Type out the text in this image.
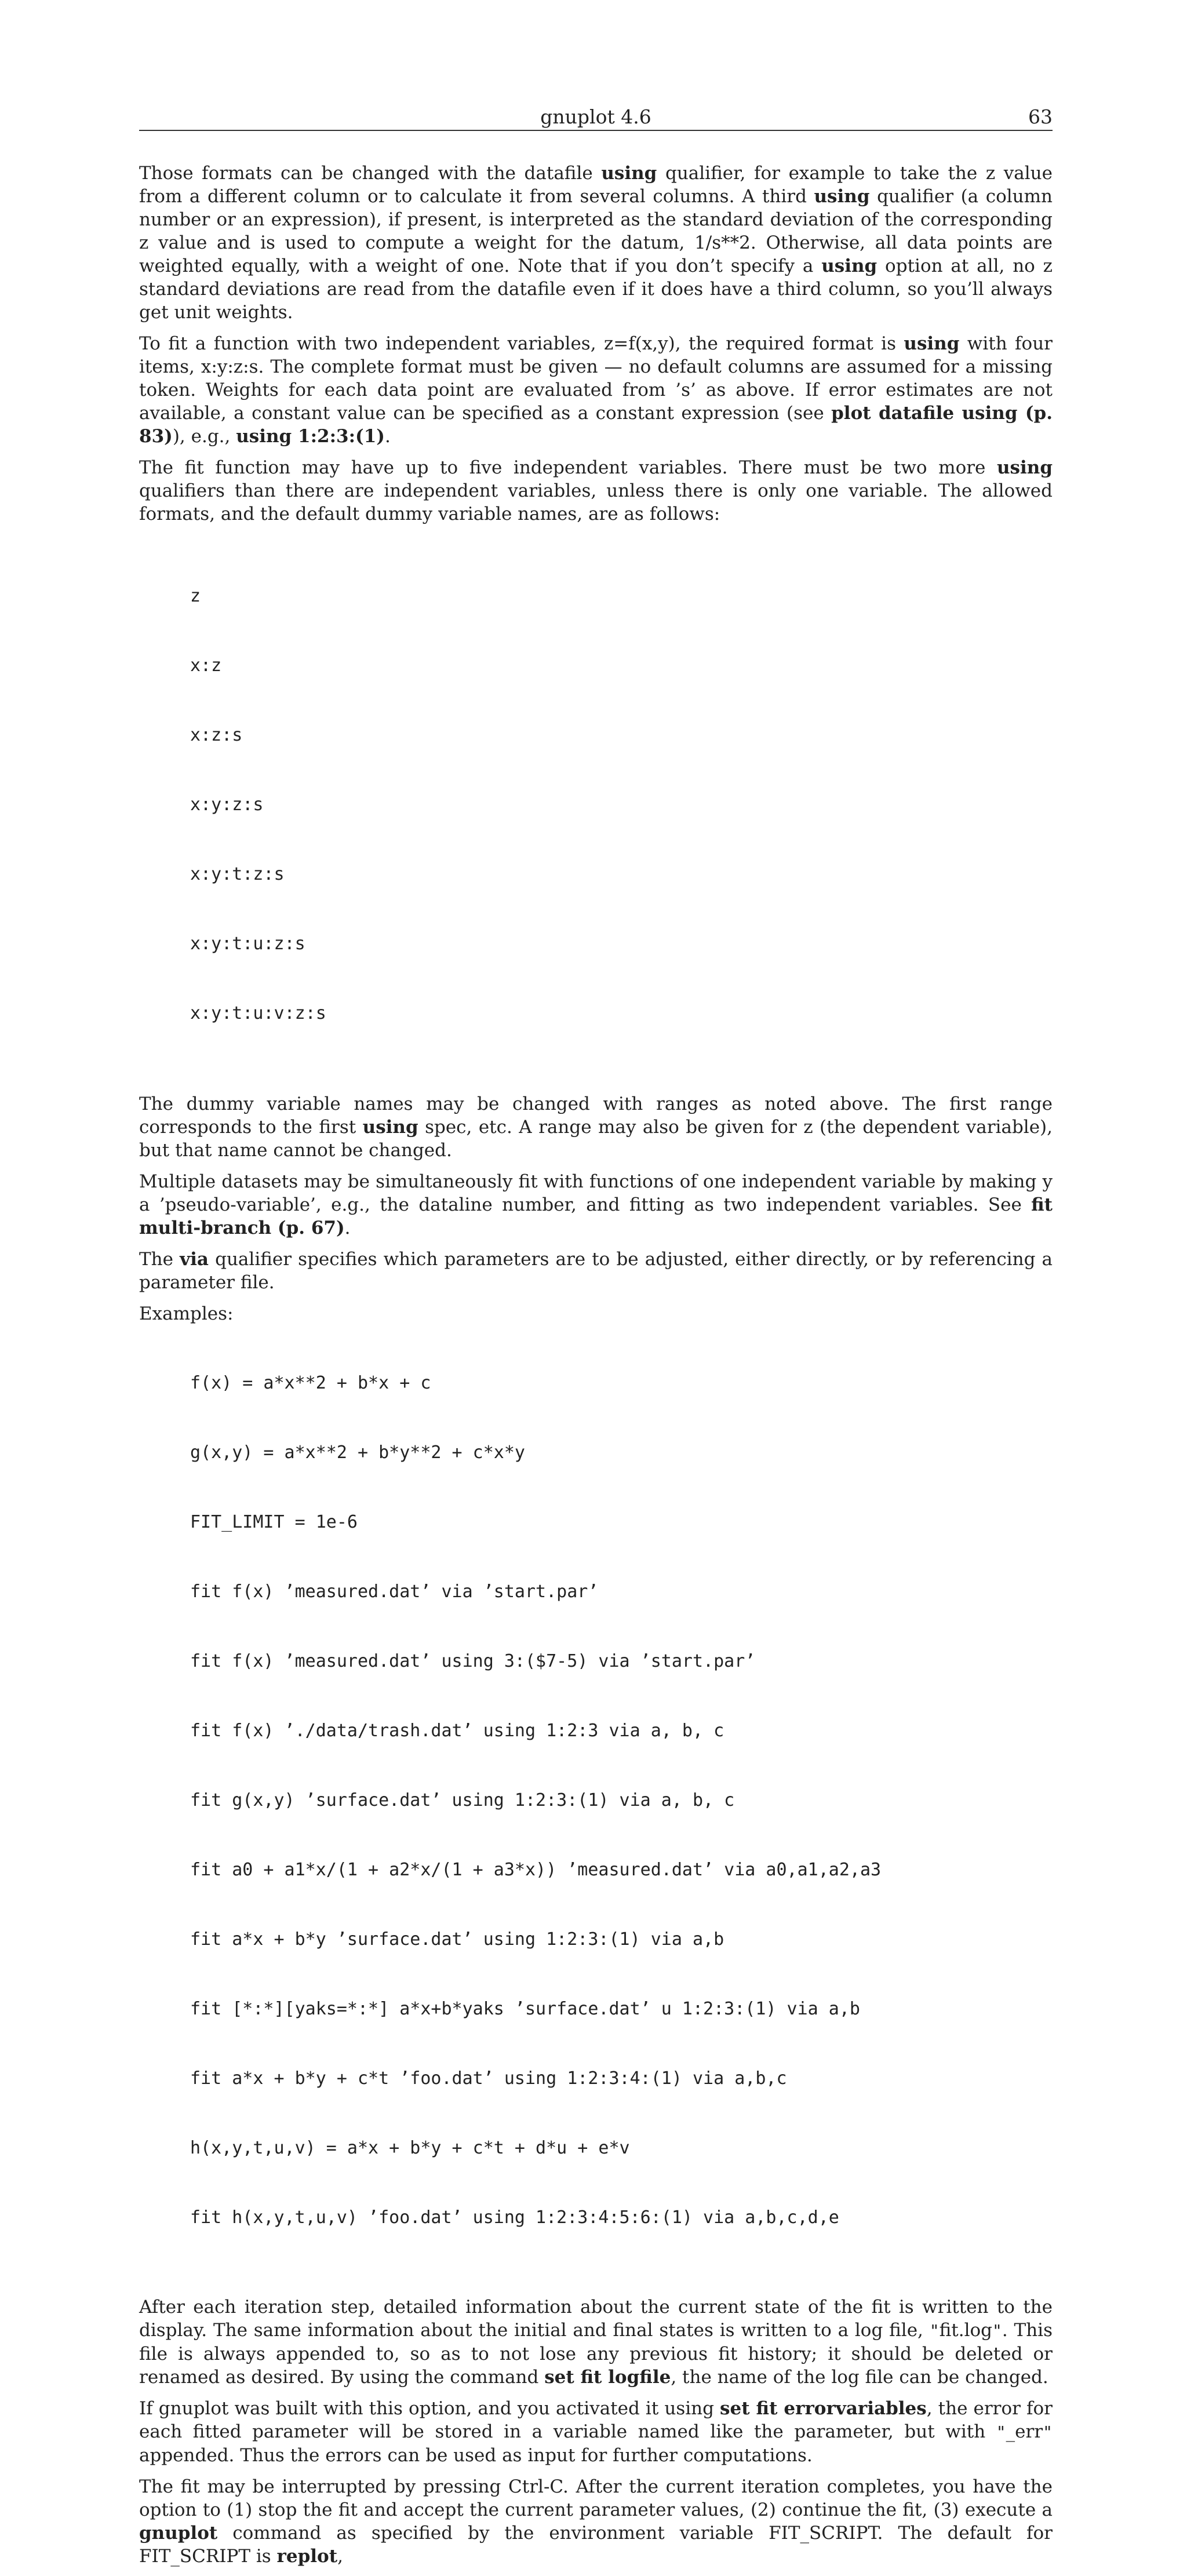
gnuplot 4.6	63

Those formats can be changed with the datafile using qualifier, for example to take the z value from a different column or to calculate it from several columns. A third using qualifier (a column number or an expression), if present, is interpreted as the standard deviation of the corresponding z value and is used to compute a weight for the datum, 1/s**2. Otherwise, all data points are weighted equally, with a weight of one. Note that if you don’t specify a using option at all, no z standard deviations are read from the datafile even if it does have a third column, so you’ll always get unit weights.

To fit a function with two independent variables, z=f(x,y), the required format is using with four items, x:y:z:s. The complete format must be given — no default columns are assumed for a missing token. Weights for each data point are evaluated from ’s’ as above. If error estimates are not available, a constant value can be specified as a constant expression (see plot datafile using (p. 83)), e.g., using 1:2:3:(1).

The fit function may have up to five independent variables. There must be two more using qualifiers than there are independent variables, unless there is only one variable. The allowed formats, and the default dummy variable names, are as follows:

z

x:z

x:z:s

x:y:z:s

x:y:t:z:s

x:y:t:u:z:s

x:y:t:u:v:z:s

The dummy variable names may be changed with ranges as noted above. The first range corresponds to the first using spec, etc. A range may also be given for z (the dependent variable), but that name cannot be changed.

Multiple datasets may be simultaneously fit with functions of one independent variable by making y a ’pseudo-variable’, e.g., the dataline number, and fitting as two independent variables. See fit multi-branch (p. 67).

The via qualifier specifies which parameters are to be adjusted, either directly, or by referencing a parameter file.

Examples:

f(x) = a*x**2 + b*x + c

g(x,y) = a*x**2 + b*y**2 + c*x*y

FIT_LIMIT = 1e-6

fit f(x) ’measured.dat’ via ’start.par’

fit f(x) ’measured.dat’ using 3:($7-5) via ’start.par’

fit f(x) ’./data/trash.dat’ using 1:2:3 via a, b, c

fit g(x,y) ’surface.dat’ using 1:2:3:(1) via a, b, c

fit a0 + a1*x/(1 + a2*x/(1 + a3*x)) ’measured.dat’ via a0,a1,a2,a3

fit a*x + b*y ’surface.dat’ using 1:2:3:(1) via a,b

fit [*:*][yaks=*:*] a*x+b*yaks ’surface.dat’ u 1:2:3:(1) via a,b

fit a*x + b*y + c*t ’foo.dat’ using 1:2:3:4:(1) via a,b,c

h(x,y,t,u,v) = a*x + b*y + c*t + d*u + e*v

fit h(x,y,t,u,v) ’foo.dat’ using 1:2:3:4:5:6:(1) via a,b,c,d,e

After each iteration step, detailed information about the current state of the fit is written to the display. The same information about the initial and final states is written to a log file, "fit.log". This file is always appended to, so as to not lose any previous fit history; it should be deleted or renamed as desired. By using the command set fit logfile, the name of the log file can be changed.

If gnuplot was built with this option, and you activated it using set fit errorvariables, the error for each fitted parameter will be stored in a variable named like the parameter, but with "_err" appended. Thus the errors can be used as input for further computations.

The fit may be interrupted by pressing Ctrl-C. After the current iteration completes, you have the option to (1) stop the fit and accept the current parameter values, (2) continue the fit, (3) execute a gnuplot command as specified by the environment variable FIT_SCRIPT. The default for FIT_SCRIPT is replot,
